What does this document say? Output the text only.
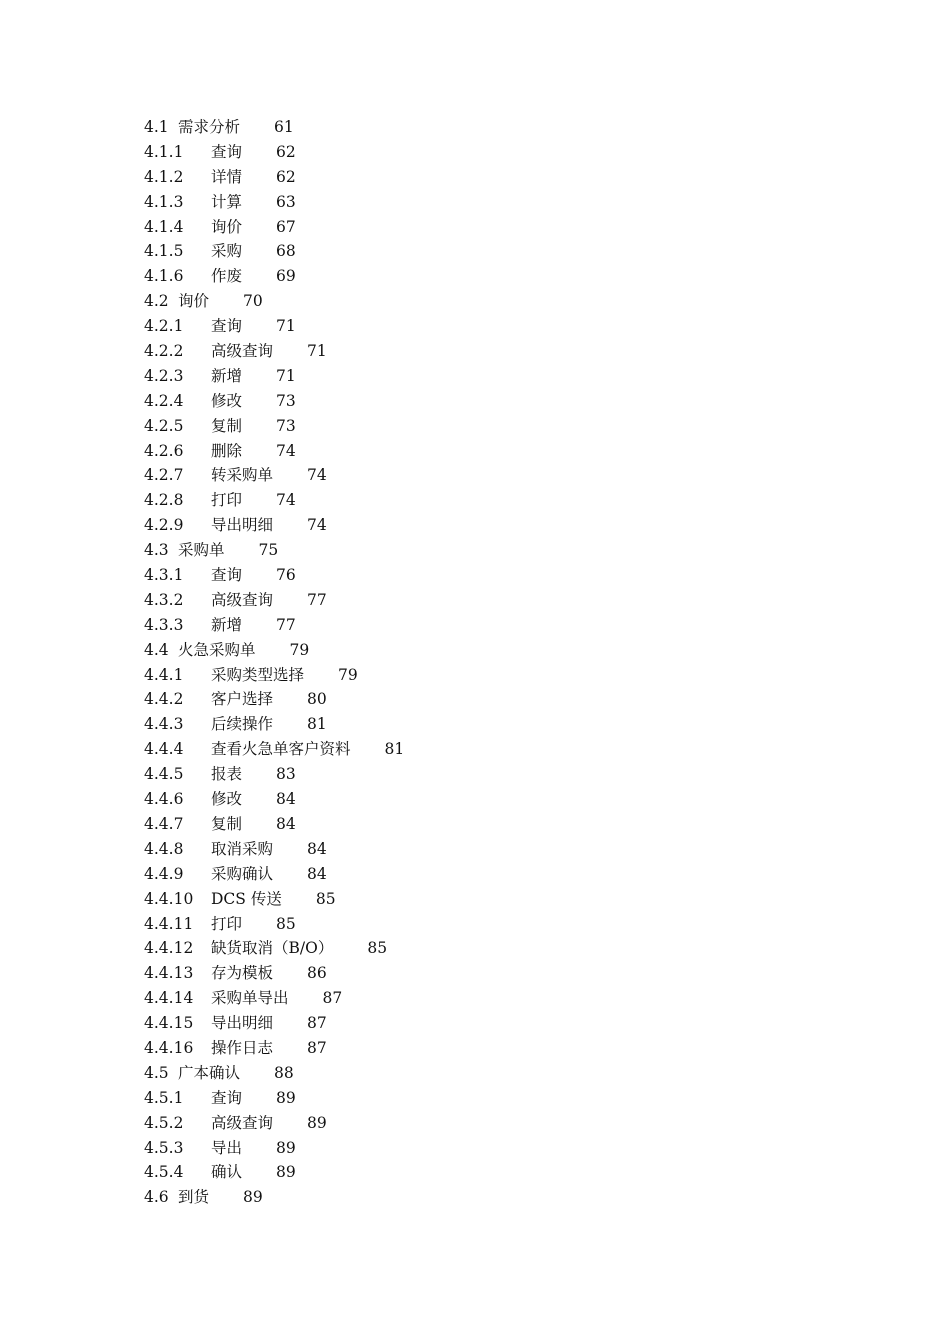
4.1 需求分析 61
4.1.1 查询 62
4.1.2 详情 62
4.1.3 计算 63
4.1.4 询价 67
4.1.5 采购 68
4.1.6 作废 69
4.2 询价 70
4.2.1 查询 71
4.2.2 高级查询 71
4.2.3 新增 71
4.2.4 修改 73
4.2.5 复制 73
4.2.6 删除 74
4.2.7 转采购单 74
4.2.8 打印 74
4.2.9 导出明细 74
4.3 采购单 75
4.3.1 查询 76
4.3.2 高级查询 77
4.3.3 新增 77
4.4 火急采购单 79
4.4.1 采购类型选择 79
4.4.2 客户选择 80
4.4.3 后续操作 81
4.4.4 查看火急单客户资料 81
4.4.5 报表 83
4.4.6 修改 84
4.4.7 复制 84
4.4.8 取消采购 84
4.4.9 采购确认 84
4.4.10 DCS 传送 85
4.4.11 打印 85
4.4.12 缺货取消（B/O） 85
4.4.13 存为模板 86
4.4.14 采购单导出 87
4.4.15 导出明细 87
4.4.16 操作日志 87
4.5 广本确认 88
4.5.1 查询 89
4.5.2 高级查询 89
4.5.3 导出 89
4.5.4 确认 89
4.6 到货 89
